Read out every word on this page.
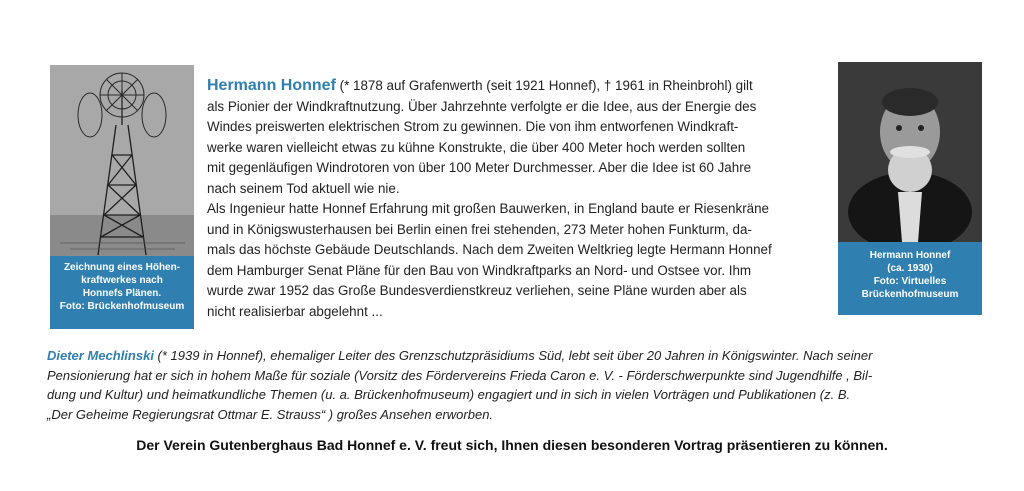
Zeichnung eines Höhen-
kraftwerkes nach
Honnefs Plänen.
Foto: Brückenhofmuseum

Hermann Honnef (* 1878 auf Grafenwerth (seit 1921 Honnef), † 1961 in Rheinbrohl) gilt

als Pionier der Windkraftnutzung. Über Jahrzehnte verfolgte er die Idee, aus der Energie des

Windes preiswerten elektrischen Strom zu gewinnen. Die von ihm entworfenen Windkraft-

werke waren vielleicht etwas zu kühne Konstrukte, die über 400 Meter hoch werden sollten

mit gegenläufigen Windrotoren von über 100 Meter Durchmesser. Aber die Idee ist 60 Jahre

nach seinem Tod aktuell wie nie.

Als Ingenieur hatte Honnef Erfahrung mit großen Bauwerken, in England baute er Riesenkräne

und in Königswusterhausen bei Berlin einen frei stehenden, 273 Meter hohen Funkturm, da-

mals das höchste Gebäude Deutschlands. Nach dem Zweiten Weltkrieg legte Hermann Honnef

dem Hamburger Senat Pläne für den Bau von Windkraftparks an Nord- und Ostsee vor. Ihm

wurde zwar 1952 das Große Bundesverdienstkreuz verliehen, seine Pläne wurden aber als

nicht realisierbar abgelehnt ...

Hermann Honnef
(ca. 1930)
Foto: Virtuelles
Brückenhofmuseum
Dieter Mechlinski (* 1939 in Honnef), ehemaliger Leiter des Grenzschutzpräsidiums Süd, lebt seit über 20 Jahren in Königswinter. Nach seiner
Pensionierung hat er sich in hohem Maße für soziale (Vorsitz des Fördervereins Frieda Caron e. V. - Förderschwerpunkte sind Jugendhilfe , Bil-
dung und Kultur) und heimatkundliche Themen (u. a. Brückenhofmuseum) engagiert und in sich in vielen Vorträgen und Publikationen (z. B.
„Der Geheime Regierungsrat Ottmar E. Strauss“ ) großes Ansehen erworben.
Der Verein Gutenberghaus Bad Honnef e. V. freut sich, Ihnen diesen besonderen Vortrag präsentieren zu können.
